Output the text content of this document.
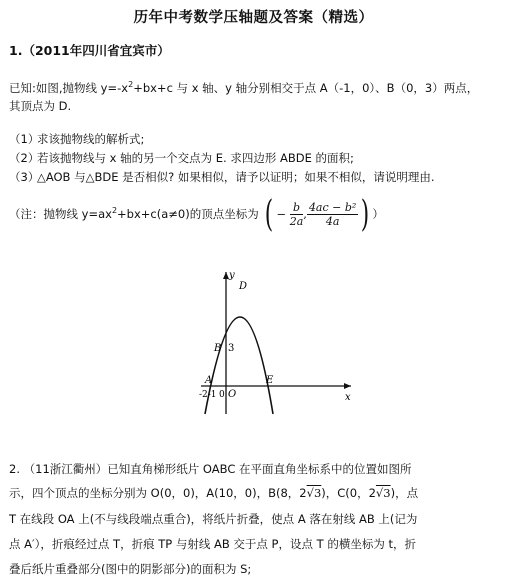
历年中考数学压轴题及答案（精选）
1.（2011年四川省宜宾市）
已知:如图,抛物线 $y=-x^2+bx+c$ 与 x 轴、y 轴分别相交于点 A（-1，0）、B（0，3）两点，
其顶点为 D.
（1）求该抛物线的解析式;
（2）若该抛物线与 x 轴的另一个交点为 E. 求四边形 ABDE 的面积;
（3）△AOB 与△BDE 是否相似? 如果相似，请予以证明；如果不相似，请说明理由.
（注：抛物线 $y=ax^2+bx+c(a\ne 0)$的顶点坐标为 ( − $\frac{b}{2a}$ , $\frac{\text{4ac − b²}}{4a}$ ) ）
y
x
D
B 3
A	E
O
-2-1 0
2. （11浙江衢州）已知直角梯形纸片 OABC 在平面直角坐标系中的位置如图所
示，四个顶点的坐标分别为 O(0，0)，A(10，0)，B(8，2√3)，C(0，2√3)，点
T 在线段 OA 上(不与线段端点重合)，将纸片折叠，使点 A 落在射线 AB 上(记为
点 A′），折痕经过点 T，折痕 TP 与射线 AB 交于点 P，设点 T 的横坐标为 t，折
叠后纸片重叠部分(图中的阴影部分)的面积为 S;
